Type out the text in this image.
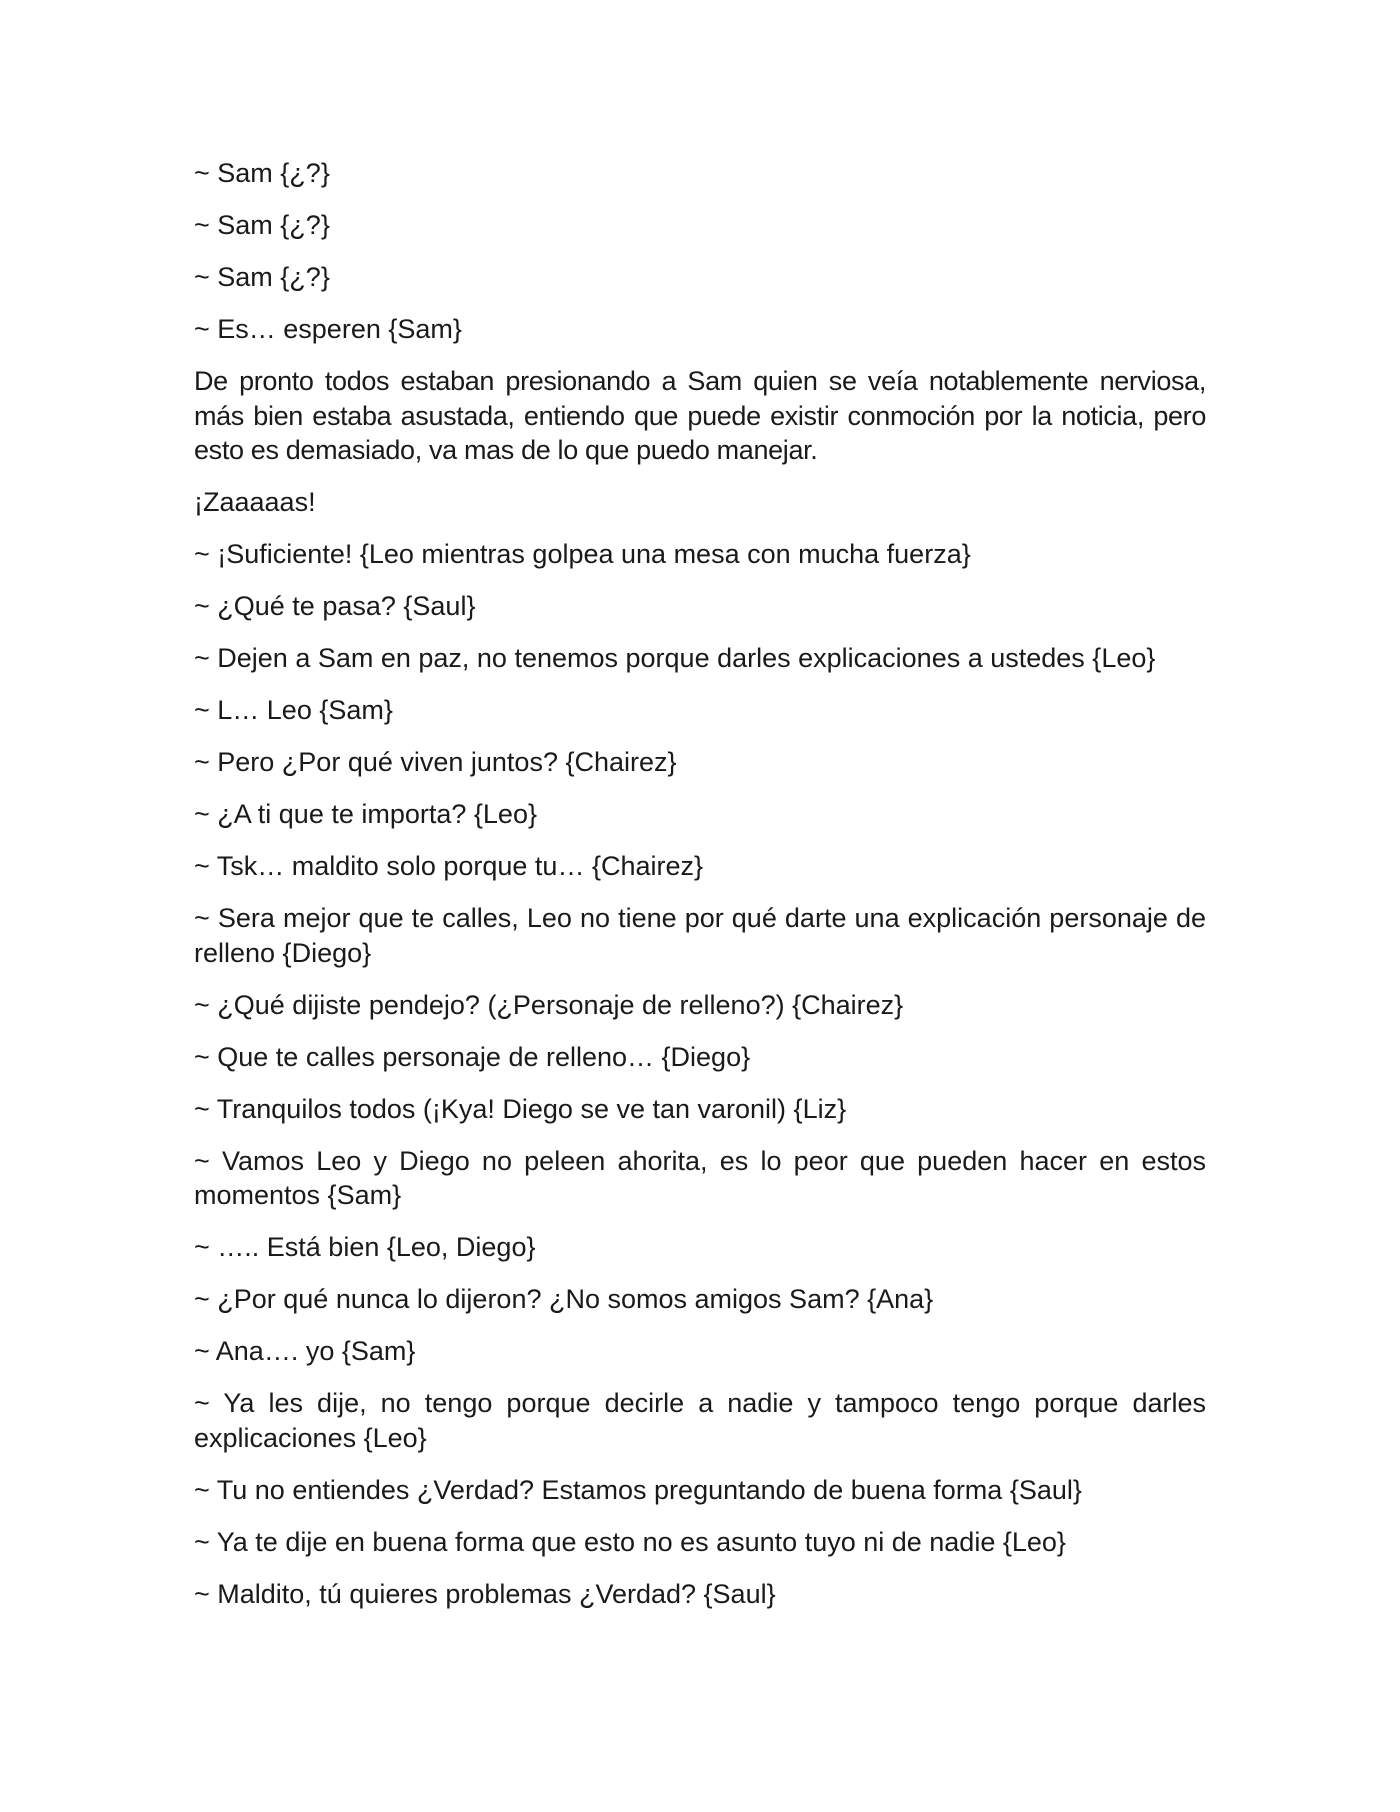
~ Sam {¿?}

~ Sam {¿?}

~ Sam {¿?}

~ Es… esperen {Sam}

De pronto todos estaban presionando a Sam quien se veía notablemente nerviosa, más bien estaba asustada, entiendo que puede existir conmoción por la noticia, pero esto es demasiado, va mas de lo que puedo manejar.

¡Zaaaaas!

~ ¡Suficiente! {Leo mientras golpea una mesa con mucha fuerza}

~ ¿Qué te pasa? {Saul}

~ Dejen a Sam en paz, no tenemos porque darles explicaciones a ustedes {Leo}

~ L… Leo {Sam}

~ Pero ¿Por qué viven juntos? {Chairez}

~ ¿A ti que te importa? {Leo}

~ Tsk… maldito solo porque tu… {Chairez}

~ Sera mejor que te calles, Leo no tiene por qué darte una explicación personaje de relleno {Diego}

~ ¿Qué dijiste pendejo? (¿Personaje de relleno?) {Chairez}

~ Que te calles personaje de relleno… {Diego}

~ Tranquilos todos (¡Kya! Diego se ve tan varonil) {Liz}

~ Vamos Leo y Diego no peleen ahorita, es lo peor que pueden hacer en estos momentos {Sam}

~ ….. Está bien {Leo, Diego}

~ ¿Por qué nunca lo dijeron? ¿No somos amigos Sam? {Ana}

~ Ana…. yo {Sam}

~ Ya les dije, no tengo porque decirle a nadie y tampoco tengo porque darles explicaciones {Leo}

~ Tu no entiendes ¿Verdad? Estamos preguntando de buena forma {Saul}

~ Ya te dije en buena forma que esto no es asunto tuyo ni de nadie {Leo}

~ Maldito, tú quieres problemas ¿Verdad? {Saul}
